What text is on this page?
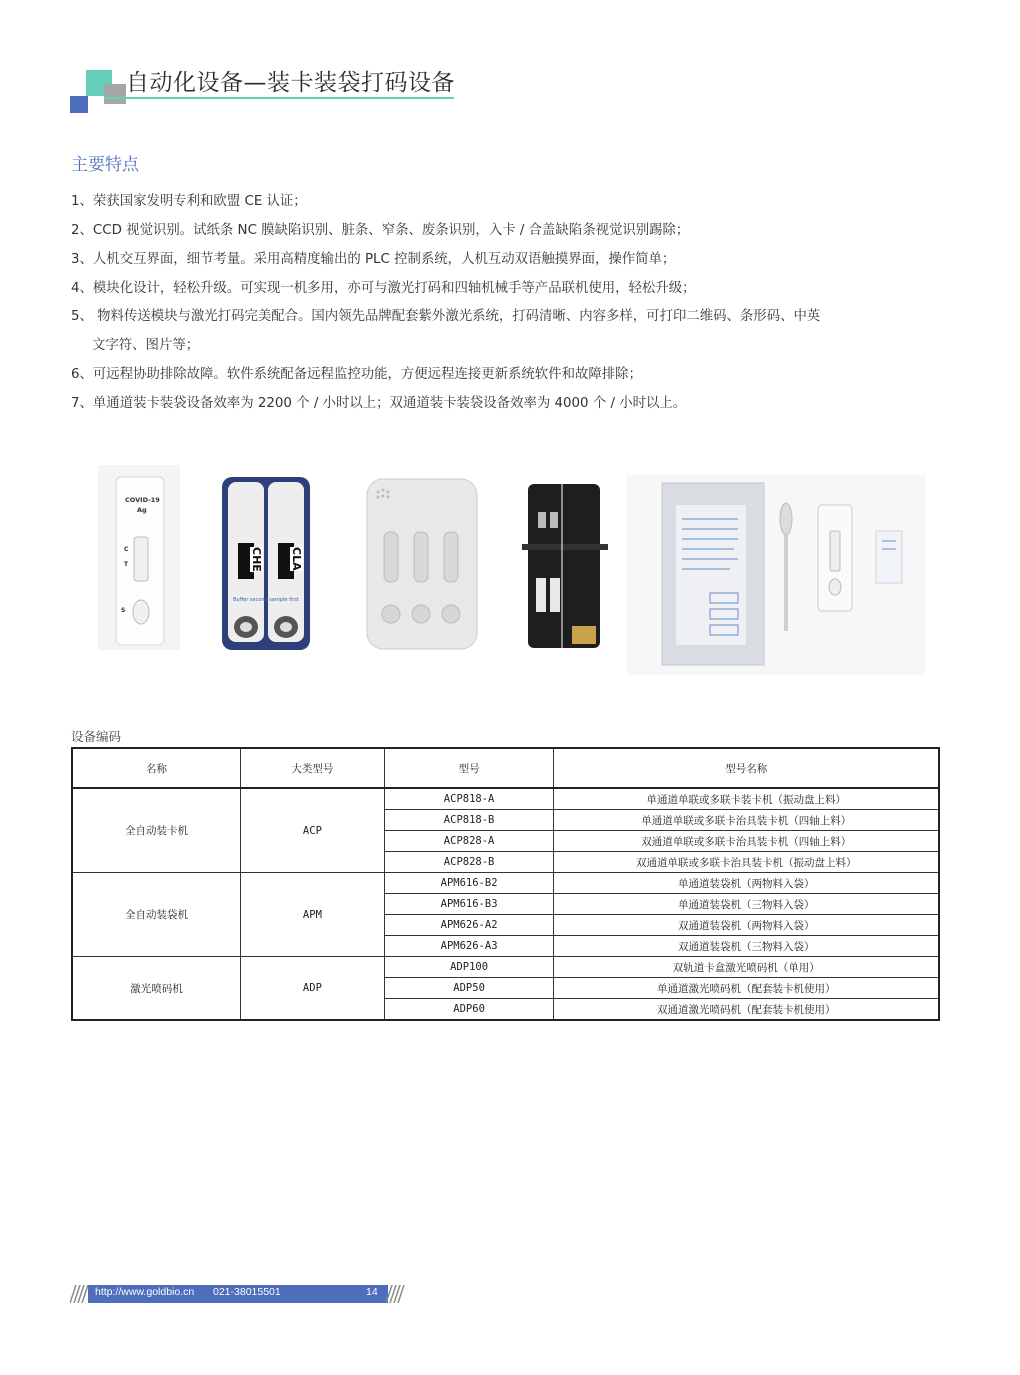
自动化设备—装卡装袋打码设备
主要特点
1、荣获国家发明专利和欧盟 CE 认证；
2、CCD 视觉识别。试纸条 NC 膜缺陷识别、脏条、窄条、废条识别，入卡 / 合盖缺陷条视觉识别踢除；
3、人机交互界面，细节考量。采用高精度输出的 PLC 控制系统，人机互动双语触摸界面，操作简单；
4、模块化设计，轻松升级。可实现一机多用，亦可与激光打码和四轴机械手等产品联机使用，轻松升级；
5、 物料传送模块与激光打码完美配合。国内领先品牌配套紫外激光系统，打码清晰、内容多样，可打印二维码、条形码、中英
文字符、图片等；
6、可远程协助排除故障。软件系统配备远程监控功能，方便远程连接更新系统软件和故障排除；
7、单通道装卡装袋设备效率为 2200 个 / 小时以上；双通道装卡装袋设备效率为 4000 个 / 小时以上。
COVID-19
Ag
C
T
S
CHE CLA
Buffer second sample first
设备编码
名称	大类型号	型号	型号名称
全自动装卡机	ACP	ACP818-A	单通道单联或多联卡装卡机（振动盘上料）
		ACP818-B	单通道单联或多联卡治具装卡机（四轴上料）
		ACP828-A	双通道单联或多联卡治具装卡机（四轴上料）
		ACP828-B	双通道单联或多联卡治具装卡机（振动盘上料）
全自动装袋机	APM	APM616-B2	单通道装袋机（两物料入袋）
		APM616-B3	单通道装袋机（三物料入袋）
		APM626-A2	双通道装袋机（两物料入袋）
		APM626-A3	双通道装袋机（三物料入袋）
激光喷码机	ADP	ADP100	双轨道卡盒激光喷码机（单用）
		ADP50	单通道激光喷码机（配套装卡机使用）
		ADP60	双通道激光喷码机（配套装卡机使用）
http://www.goldbio.cn 021-38015501	14
